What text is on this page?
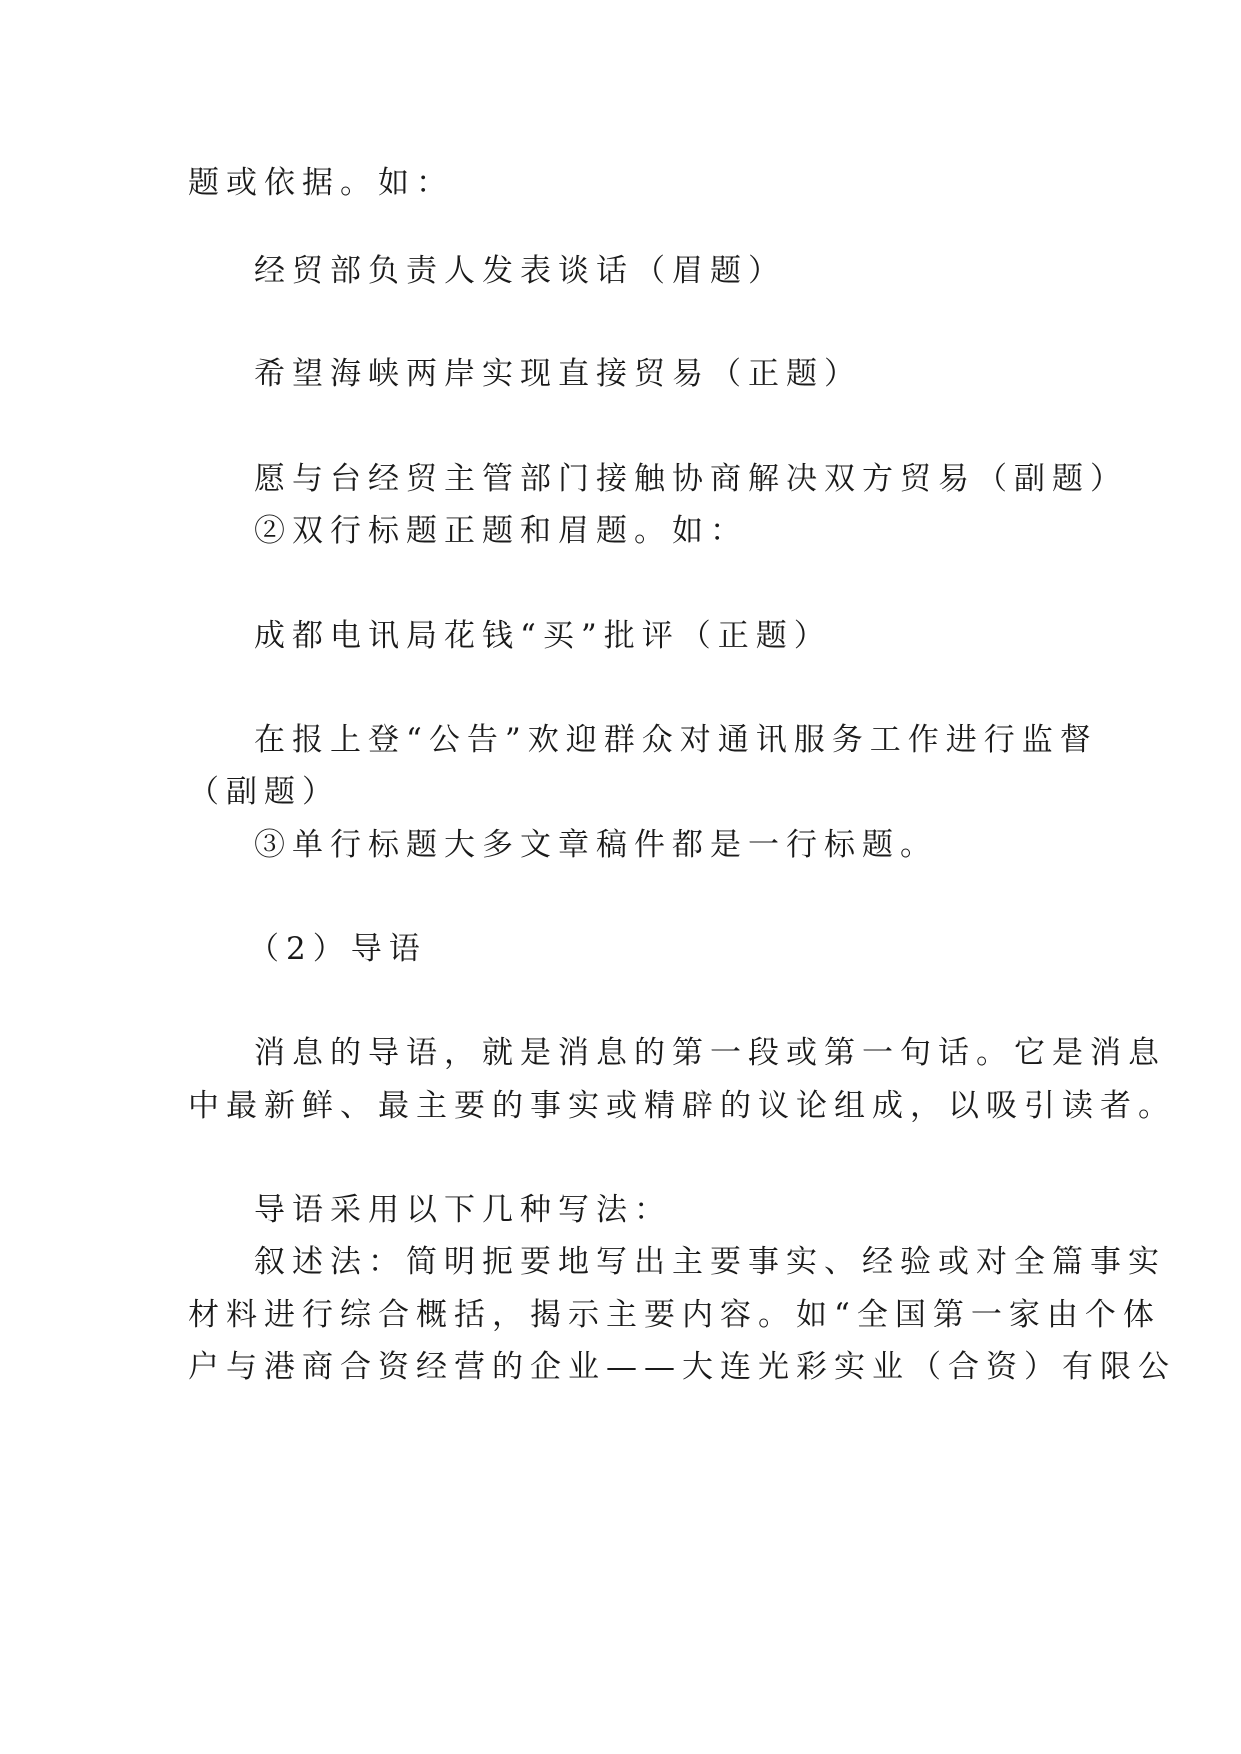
题或依据。如：
经贸部负责人发表谈话（眉题）
希望海峡两岸实现直接贸易（正题）
愿与台经贸主管部门接触协商解决双方贸易（副题）
②双行标题正题和眉题。如：
成都电讯局花钱“买”批评（正题）
在报上登“公告”欢迎群众对通讯服务工作进行监督
（副题）
③单行标题大多文章稿件都是一行标题。
（2）导语
消息的导语，就是消息的第一段或第一句话。它是消息
中最新鲜、最主要的事实或精辟的议论组成，以吸引读者。
导语采用以下几种写法：
叙述法：简明扼要地写出主要事实、经验或对全篇事实
材料进行综合概括，揭示主要内容。如“全国第一家由个体
户与港商合资经营的企业——大连光彩实业（合资）有限公
